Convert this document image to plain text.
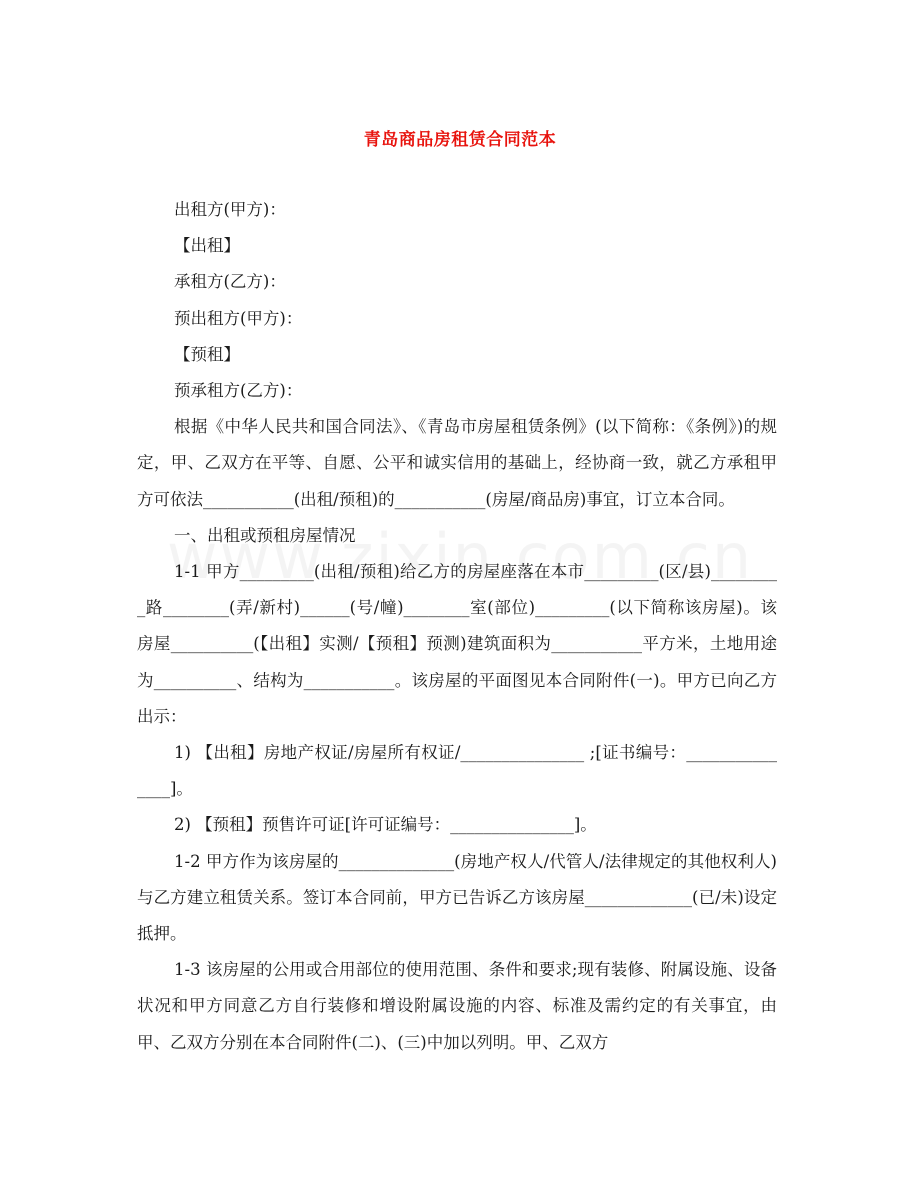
青岛商品房租赁合同范本

出租方(甲方)：

【出租】

承租方(乙方)：

预出租方(甲方)：

【预租】

预承租方(乙方)：

根据《中华人民共和国合同法》、《青岛市房屋租赁条例》(以下简称：《条例》)的规定，甲、乙双方在平等、自愿、公平和诚实信用的基础上，经协商一致，就乙方承租甲方可依法___________(出租/预租)的___________(房屋/商品房)事宜，订立本合同。

一、出租或预租房屋情况

1-1 甲方_________(出租/预租)给乙方的房屋座落在本市_________(区/县)_________路________(弄/新村)______(号/幢)________室(部位)_________(以下简称该房屋)。该房屋__________(【出租】实测/【预租】预测)建筑面积为___________平方米，土地用途为__________、结构为___________。该房屋的平面图见本合同附件(一)。甲方已向乙方出示：

1) 【出租】房地产权证/房屋所有权证/_______________ ;[证书编号：_______________]。

2) 【预租】预售许可证[许可证编号：_______________]。

1-2 甲方作为该房屋的______________(房地产权人/代管人/法律规定的其他权利人)与乙方建立租赁关系。签订本合同前，甲方已告诉乙方该房屋_____________(已/未)设定抵押。

1-3 该房屋的公用或合用部位的使用范围、条件和要求;现有装修、附属设施、设备状况和甲方同意乙方自行装修和增设附属设施的内容、标准及需约定的有关事宜，由甲、乙双方分别在本合同附件(二)、(三)中加以列明。甲、乙双方
